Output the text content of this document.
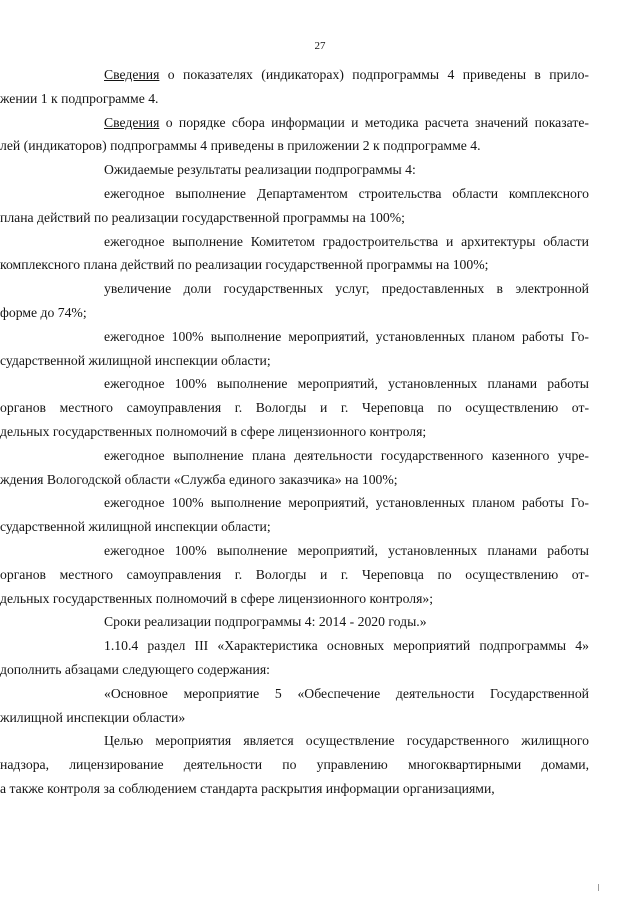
27
Сведения о показателях (индикаторах) подпрограммы 4 приведены в прило-
жении 1 к подпрограмме 4.
Сведения о порядке сбора информации и методика расчета значений показате-
лей (индикаторов) подпрограммы 4 приведены в приложении 2 к подпрограмме 4.
Ожидаемые результаты реализации подпрограммы 4:
ежегодное выполнение Департаментом строительства области комплексного
плана действий по реализации государственной программы на 100%;
ежегодное выполнение Комитетом градостроительства и архитектуры области
комплексного плана действий по реализации государственной программы на 100%;
увеличение доли государственных услуг, предоставленных в электронной
форме до 74%;
ежегодное 100% выполнение мероприятий, установленных планом работы Го-
сударственной жилищной инспекции области;
ежегодное 100% выполнение мероприятий, установленных планами работы
органов местного самоуправления г. Вологды и г. Череповца по осуществлению от-
дельных государственных полномочий в сфере лицензионного контроля;
ежегодное выполнение плана деятельности государственного казенного учре-
ждения Вологодской области «Служба единого заказчика» на 100%;
ежегодное 100% выполнение мероприятий, установленных планом работы Го-
сударственной жилищной инспекции области;
ежегодное 100% выполнение мероприятий, установленных планами работы
органов местного самоуправления г. Вологды и г. Череповца по осуществлению от-
дельных государственных полномочий в сфере лицензионного контроля»;
Сроки реализации подпрограммы 4: 2014 - 2020 годы.»
1.10.4 раздел III «Характеристика основных мероприятий подпрограммы 4»
дополнить абзацами следующего содержания:
«Основное мероприятие 5 «Обеспечение деятельности Государственной
жилищной инспекции области»
Целью мероприятия является осуществление государственного жилищного
надзора, лицензирование деятельности по управлению многоквартирными домами,
а также контроля за соблюдением стандарта раскрытия информации организациями,
